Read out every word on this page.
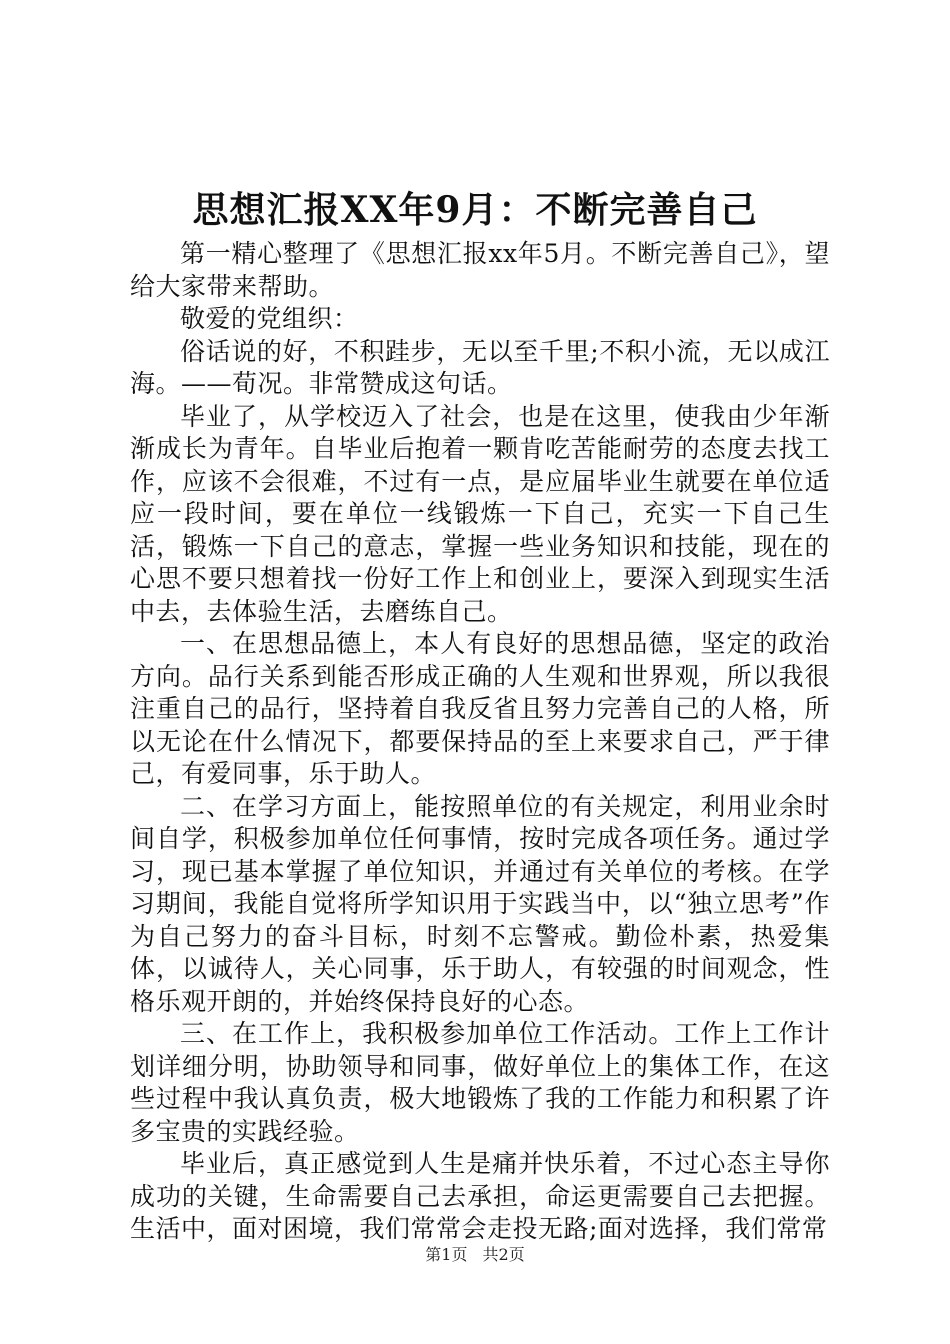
思想汇报XX年9月：不断完善自己

第一精心整理了《思想汇报xx年5月。不断完善自己》，望给大家带来帮助。

敬爱的党组织：

俗话说的好，不积跬步，无以至千里;不积小流，无以成江海。——荀况。非常赞成这句话。

毕业了，从学校迈入了社会，也是在这里，使我由少年渐渐成长为青年。自毕业后抱着一颗肯吃苦能耐劳的态度去找工作，应该不会很难，不过有一点，是应届毕业生就要在单位适应一段时间，要在单位一线锻炼一下自己，充实一下自己生活，锻炼一下自己的意志，掌握一些业务知识和技能，现在的心思不要只想着找一份好工作上和创业上，要深入到现实生活中去，去体验生活，去磨练自己。

一、在思想品德上，本人有良好的思想品德，坚定的政治方向。品行关系到能否形成正确的人生观和世界观，所以我很注重自己的品行，坚持着自我反省且努力完善自己的人格，所以无论在什么情况下，都要保持品的至上来要求自己，严于律己，有爱同事，乐于助人。

二、在学习方面上，能按照单位的有关规定，利用业余时间自学，积极参加单位任何事情，按时完成各项任务。通过学习，现已基本掌握了单位知识，并通过有关单位的考核。在学习期间，我能自觉将所学知识用于实践当中，以“独立思考”作为自己努力的奋斗目标，时刻不忘警戒。勤俭朴素，热爱集体，以诚待人，关心同事，乐于助人，有较强的时间观念，性格乐观开朗的，并始终保持良好的心态。

三、在工作上，我积极参加单位工作活动。工作上工作计划详细分明，协助领导和同事，做好单位上的集体工作，在这些过程中我认真负责，极大地锻炼了我的工作能力和积累了许多宝贵的实践经验。

毕业后，真正感觉到人生是痛并快乐着，不过心态主导你成功的关键，生命需要自己去承担，命运更需要自己去把握。生活中，面对困境，我们常常会走投无路;面对选择，我们常常

第1页 共2页
